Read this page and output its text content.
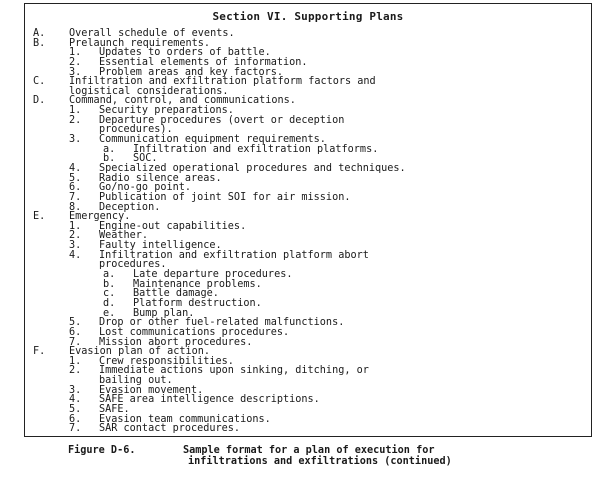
Section VI. Supporting Plans
A. Overall schedule of events.
B. Prelaunch requirements.
1. Updates to orders of battle.
2. Essential elements of information.
3. Problem areas and key factors.
C. Infiltration and exfiltration platform factors and
logistical considerations.
D. Command, control, and communications.
1. Security preparations.
2. Departure procedures (overt or deception
procedures).
3. Communication equipment requirements.
a. Infiltration and exfiltration platforms.
b. SOC.
4. Specialized operational procedures and techniques.
5. Radio silence areas.
6. Go/no-go point.
7. Publication of joint SOI for air mission.
8. Deception.
E. Emergency.
1. Engine-out capabilities.
2. Weather.
3. Faulty intelligence.
4. Infiltration and exfiltration platform abort
procedures.
a. Late departure procedures.
b. Maintenance problems.
c. Battle damage.
d. Platform destruction.
e. Bump plan.
5. Drop or other fuel-related malfunctions.
6. Lost communications procedures.
7. Mission abort procedures.
F. Evasion plan of action.
1. Crew responsibilities.
2. Immediate actions upon sinking, ditching, or
bailing out.
3. Evasion movement.
4. SAFE area intelligence descriptions.
5. SAFE.
6. Evasion team communications.
7. SAR contact procedures.
Figure D-6.	Sample format for a plan of execution for
infiltrations and exfiltrations (continued)
